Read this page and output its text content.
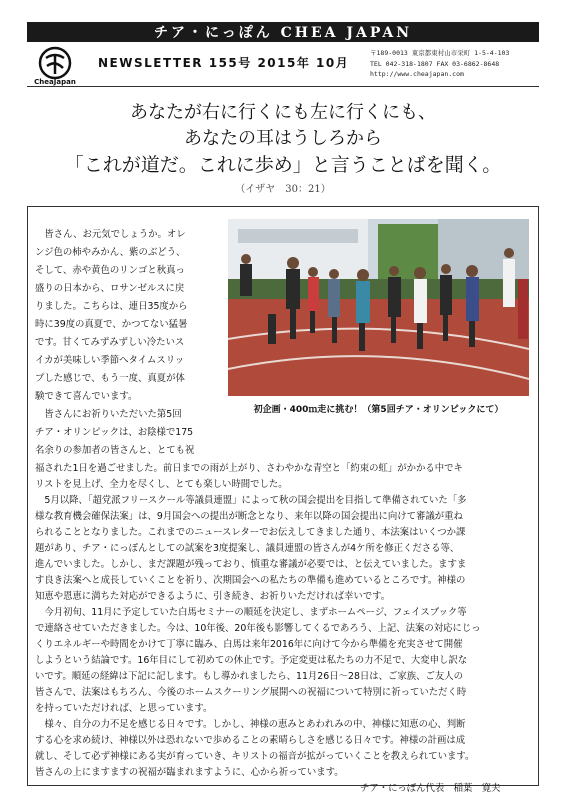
チア・にっぽん CHEA JAPAN
CheaJapan
NEWSLETTER 155号 2015年 10月
〒189-0013 東京都東村山市栄町 1-5-4-103
TEL 042-318-1807 FAX 03-6862-8648
http://www.cheajapan.com
あなたが右に行くにも左に行くにも、
あなたの耳はうしろから
「これが道だ。これに歩め」と言うことばを聞く。
（イザヤ　30：21）
初企画・400ｍ走に挑む！（第5回チア・オリンピックにて）
　皆さん、お元気でしょうか。オレ
ンジ色の柿やみかん、紫のぶどう、
そして、赤や黄色のリンゴと秋真っ
盛りの日本から、ロサンゼルスに戻
りました。こちらは、連日35度から
時に39度の真夏で、かつてない猛暑
です。甘くてみずみずしい冷たいス
イカが美味しい季節へタイムスリッ
プした感じで、もう一度、真夏が体
験できて喜んでいます。
　皆さんにお祈りいただいた第5回
チア・オリンピックは、お陰様で175
名余りの参加者の皆さんと、とても祝
福された1日を過ごせました。前日までの雨が上がり、さわやかな青空と「約束の虹」がかかる中でキ
リストを見上げ、全力を尽くし、とても楽しい時間でした。
　5月以降、「超党派フリースクール等議員連盟」によって秋の国会提出を目指して準備されていた「多
様な教育機会確保法案」は、9月国会への提出が断念となり、来年以降の国会提出に向けて審議が重ね
られることとなりました。これまでのニュースレターでお伝えしてきました通り、本法案はいくつか課
題があり、チア・にっぽんとしての試案を3度提案し、議員連盟の皆さんが4ケ所を修正くださる等、
進んでいました。しかし、まだ課題が残っており、慎重な審議が必要では、と伝えていました。ますま
す良き法案へと成長していくことを祈り、次期国会への私たちの準備も進めているところです。神様の
知恵や恩恵に満ちた対応ができるように、引き続き、お祈りいただければ幸いです。
　今月初旬、11月に予定していた白馬セミナーの順延を決定し、まずホームページ、フェイスブック等
で連絡させていただきました。今は、10年後、20年後も影響してくるであろう、上記、法案の対応にじっ
くりエネルギーや時間をかけて丁寧に臨み、白馬は来年2016年に向けて今から準備を充実させて開催
しようという結論です。16年目にして初めての休止です。予定変更は私たちの力不足で、大変申し訳な
いです。順延の経緯は下記に記します。もし導かれましたら、11月26日～28日は、ご家族、ご友人の
皆さんで、法案はもちろん、今後のホームスクーリング展開への祝福について特別に祈っていただく時
を持っていただければ、と思っています。
　様々、自分の力不足を感じる日々です。しかし、神様の恵みとあわれみの中、神様に知恵の心、判断
する心を求め続け、神様以外は恐れないで歩めることの素晴らしさを感じる日々です。神様の計画は成
就し、そして必ず神様にある実が育っていき、キリストの福音が拡がっていくことを教えられています。
皆さんの上にますますの祝福が臨まれますように、心から祈っています。
チア・にっぽん代表　稲葉　寛夫
